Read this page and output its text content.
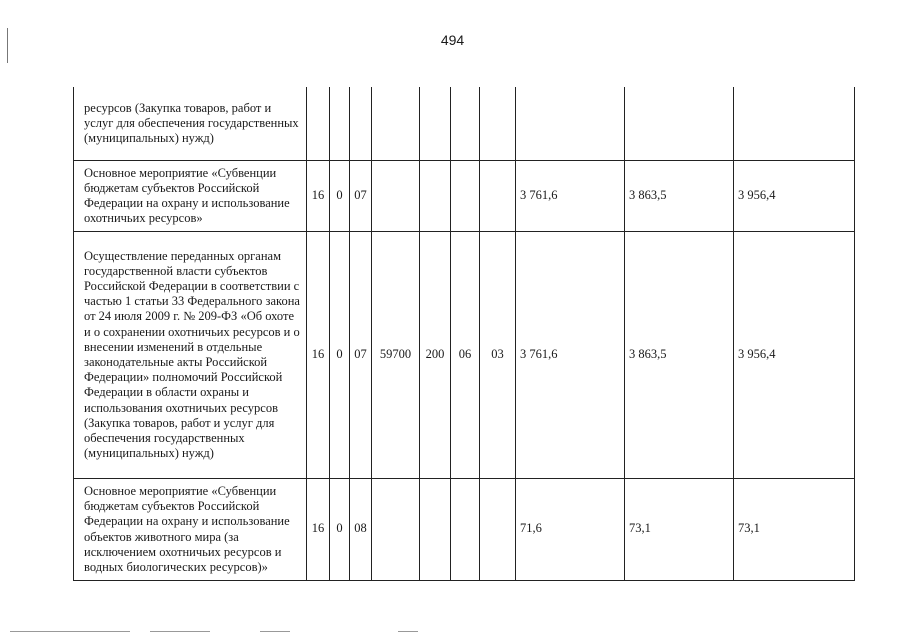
494
ресурсов (Закупка товаров, работ и услуг для обеспечения государственных (муниципальных) нужд)										
Основное мероприятие «Субвенции бюджетам субъектов Российской Федерации на охрану и использование охотничьих ресурсов»	16	0	07					3 761,6	3 863,5	3 956,4
Осуществление переданных органам государственной власти субъектов Российской Федерации в соответствии с частью 1 статьи 33 Федерального закона от 24 июля 2009 г. № 209-ФЗ «Об охоте и о сохранении охотничьих ресурсов и о внесении изменений в отдельные законодательные акты Российской Федерации» полномочий Российской Федерации в области охраны и использования охотничьих ресурсов (Закупка товаров, работ и услуг для обеспечения государственных (муниципальных) нужд)	16	0	07	59700	200	06	03	3 761,6	3 863,5	3 956,4
Основное мероприятие «Субвенции бюджетам субъектов Российской Федерации на охрану и использование объектов животного мира (за исключением охотничьих ресурсов и водных биологических ресурсов)»	16	0	08					71,6	73,1	73,1
